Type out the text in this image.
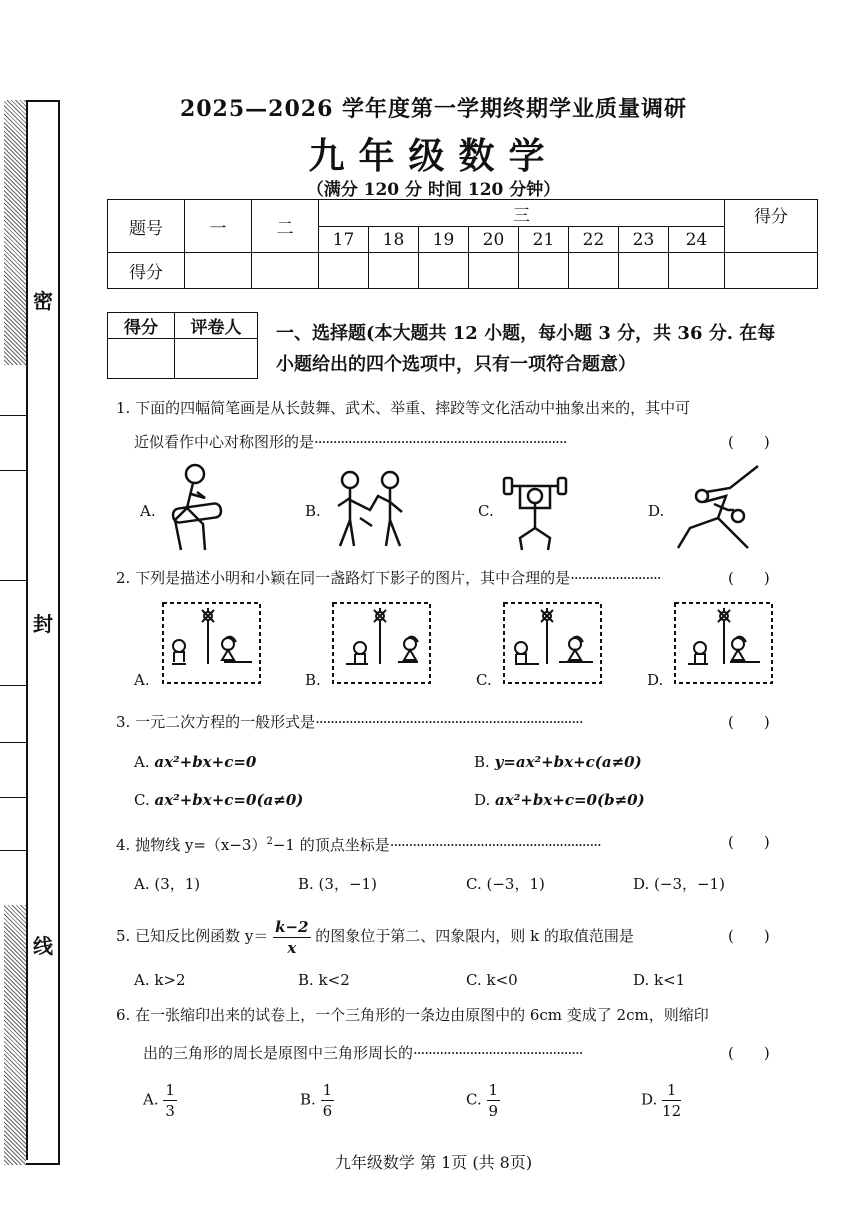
密
封
线
2025—2026 学年度第一学期终期学业质量调研
九年级数学
（满分 120 分 时间 120 分钟）
题号	一	二	三								得分
			17	18	19	20	21	22	23	24	
得分											
得分	评卷人
	一、选择题(本大题共 12 小题，每小题 3 分，共 36 分. 在每
小题给出的四个选项中，只有一项符合题意）
1. 下面的四幅简笔画是从长鼓舞、武术、举重、摔跤等文化活动中抽象出来的，其中可
近似看作中心对称图形的是···································································	(　　)
A.	B.	C.	D.
2. 下列是描述小明和小颖在同一盏路灯下影子的图片，其中合理的是························	(　　)
A.	B.	C.	D.
3. 一元二次方程的一般形式是·······································································	(　　)
A. ax²+bx+c=0	B. y=ax²+bx+c(a≠0)
C. ax²+bx+c=0(a≠0)	D. ax²+bx+c=0(b≠0)
4. 抛物线 $y=(x-3)^2-1$ 的顶点坐标是························································	(　　)
A. (3，1)	B. (3，−1)	C. (−3，1)	D. (−3，−1)
5. 已知反比例函数 $y= \frac{k-2}{x}$ 的图象位于第二、四象限内，则 k 的取值范围是	(　　)
A. k>2	B. k<2	C. k<0	D. k<1
6. 在一张缩印出来的试卷上，一个三角形的一条边由原图中的 6cm 变成了 2cm，则缩印
出的三角形的周长是原图中三角形周长的·············································	(　　)
A. $\frac{1}{3}$	B. $\frac{1}{6}$	C. $\frac{1}{9}$	D. $\frac{1}{12}$
九年级数学 第 1页 (共 8页)
